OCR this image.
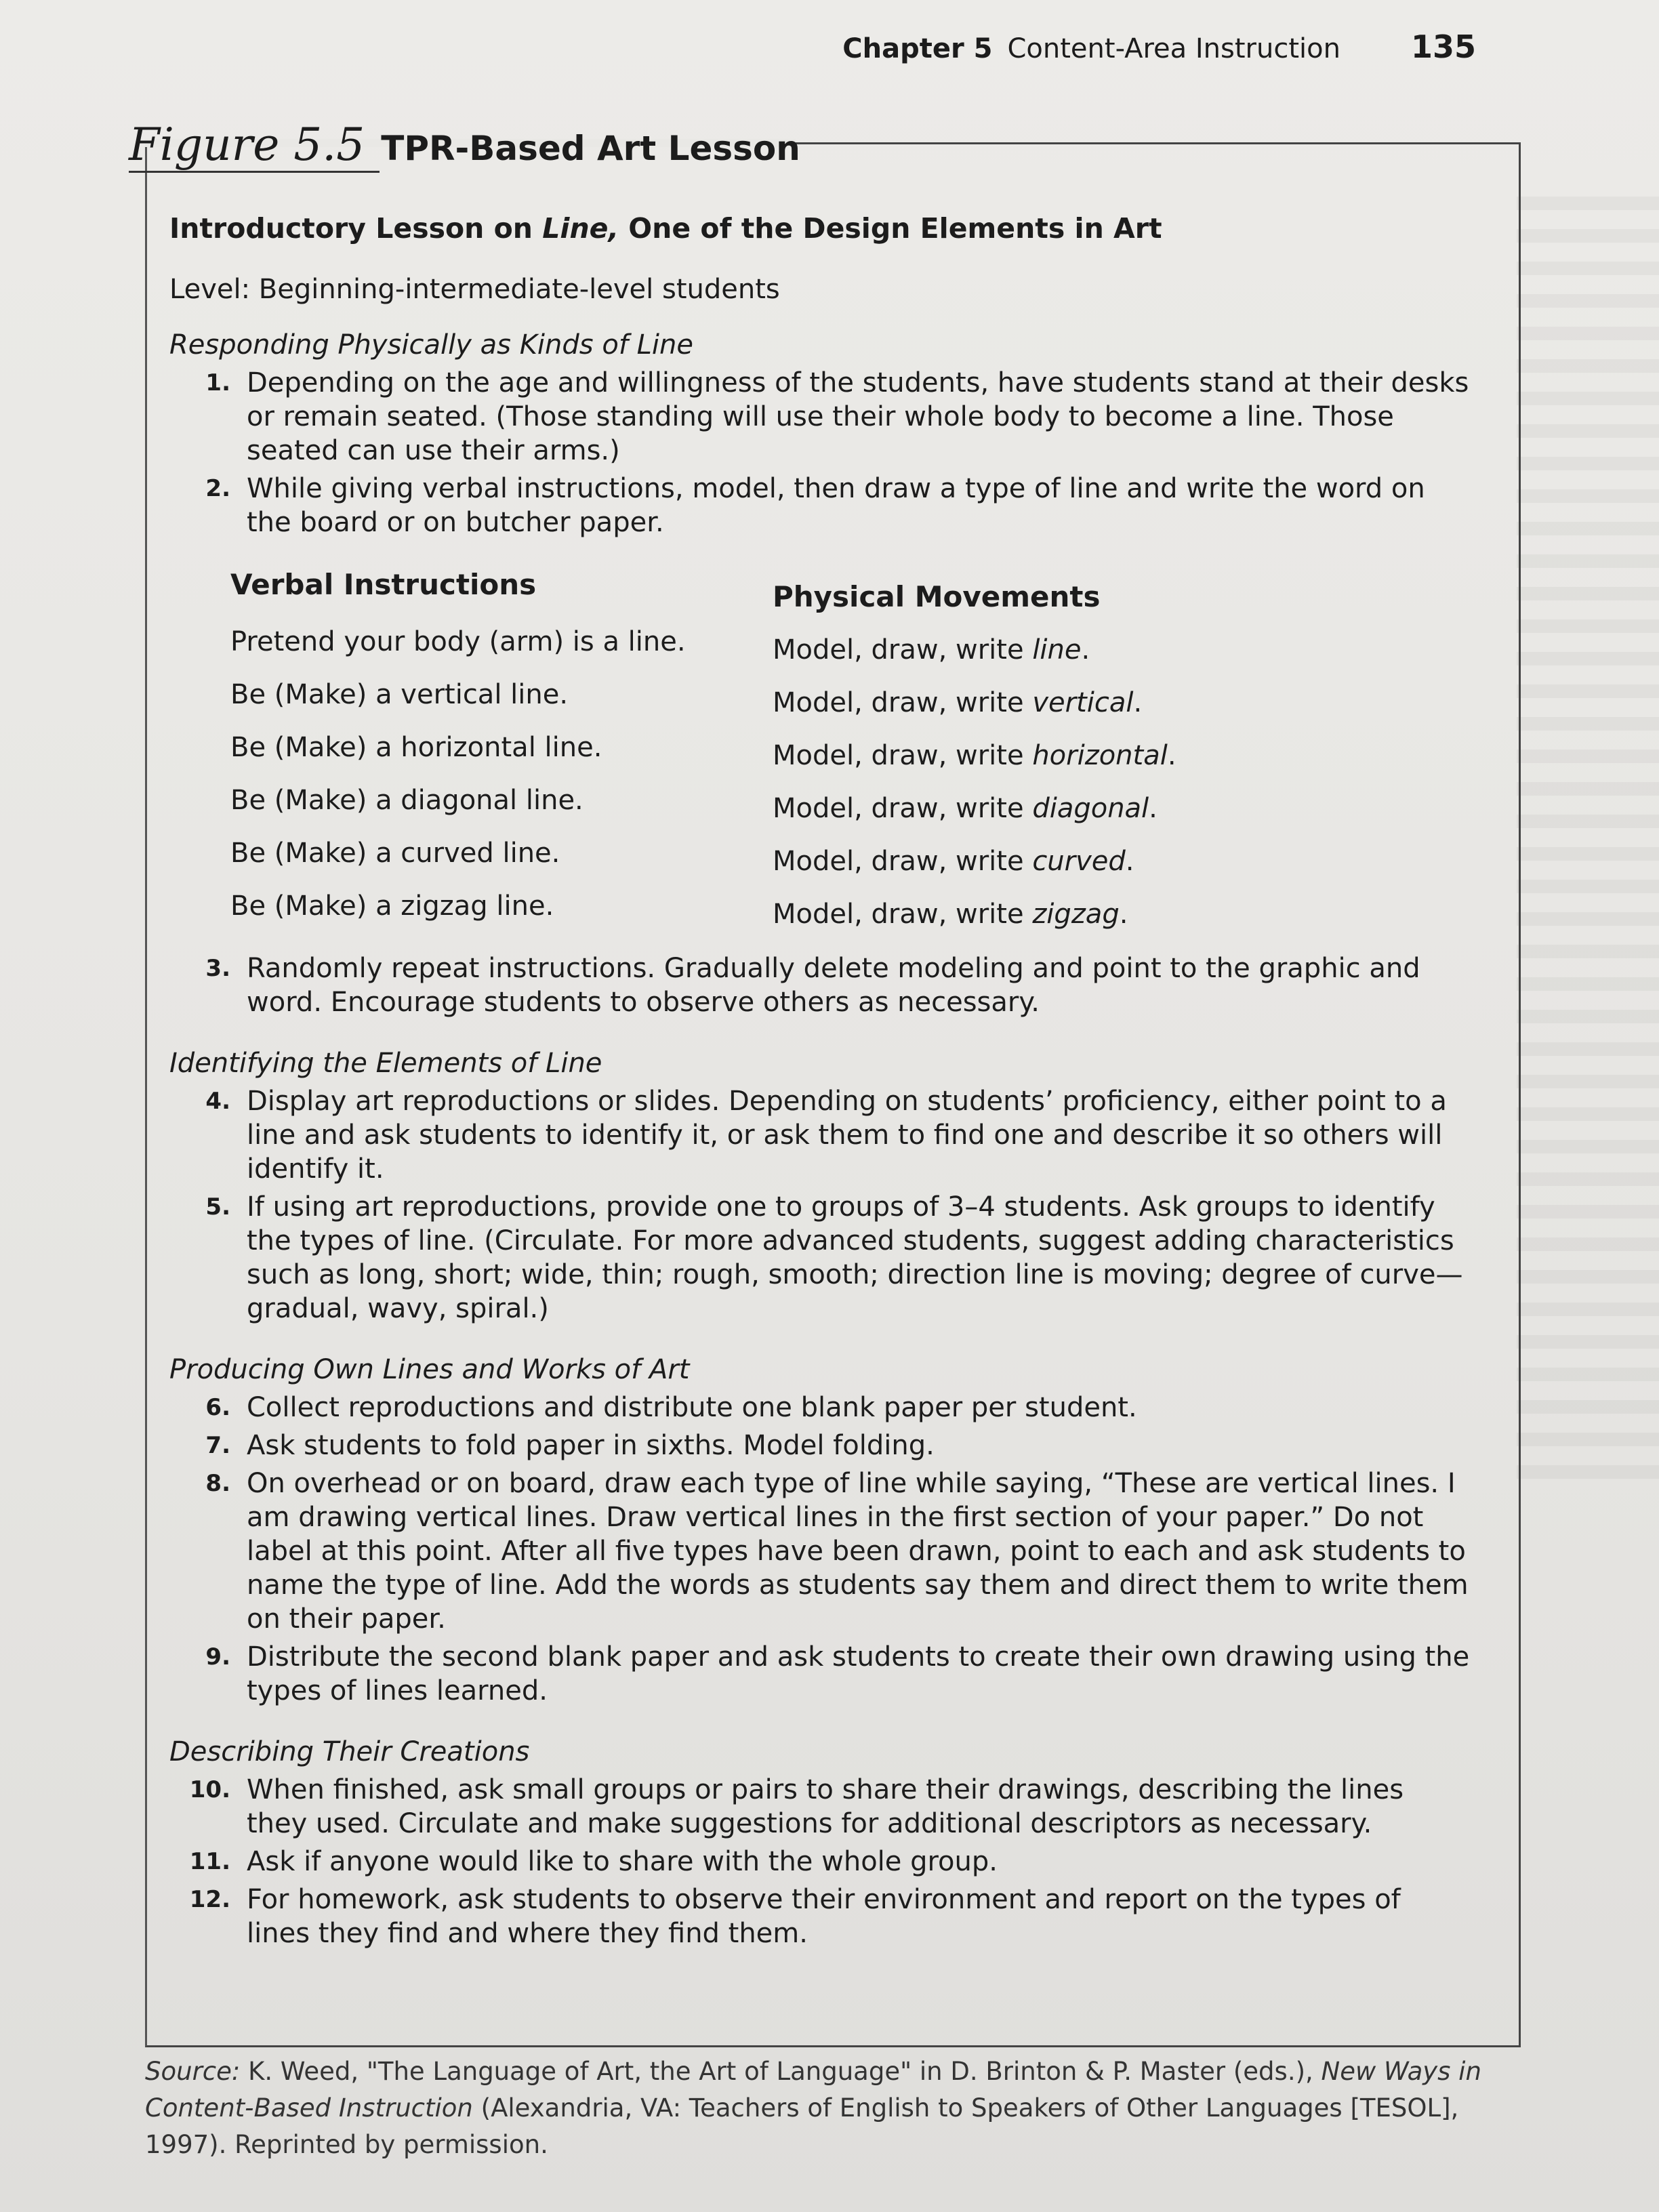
Chapter 5 Content-Area Instruction 135
Figure 5.5 TPR-Based Art Lesson
Introductory Lesson on Line, One of the Design Elements in Art
Level: Beginning-intermediate-level students
Responding Physically as Kinds of Line
1. Depending on the age and willingness of the students, have students stand at their desks or remain seated. (Those standing will use their whole body to become a line. Those seated can use their arms.)
2. While giving verbal instructions, model, then draw a type of line and write the word on the board or on butcher paper.
Verbal Instructions	Physical Movements
Pretend your body (arm) is a line.	Model, draw, write line.
Be (Make) a vertical line.	Model, draw, write vertical.
Be (Make) a horizontal line.	Model, draw, write horizontal.
Be (Make) a diagonal line.	Model, draw, write diagonal.
Be (Make) a curved line.	Model, draw, write curved.
Be (Make) a zigzag line.	Model, draw, write zigzag.
3. Randomly repeat instructions. Gradually delete modeling and point to the graphic and word. Encourage students to observe others as necessary.
Identifying the Elements of Line
4. Display art reproductions or slides. Depending on students’ proficiency, either point to a line and ask students to identify it, or ask them to find one and describe it so others will identify it.
5. If using art reproductions, provide one to groups of 3–4 students. Ask groups to identify the types of line. (Circulate. For more advanced students, suggest adding characteristics such as long, short; wide, thin; rough, smooth; direction line is moving; degree of curve—gradual, wavy, spiral.)
Producing Own Lines and Works of Art
6. Collect reproductions and distribute one blank paper per student.
7. Ask students to fold paper in sixths. Model folding.
8. On overhead or on board, draw each type of line while saying, “These are vertical lines. I am drawing vertical lines. Draw vertical lines in the first section of your paper.” Do not label at this point. After all five types have been drawn, point to each and ask students to name the type of line. Add the words as students say them and direct them to write them on their paper.
9. Distribute the second blank paper and ask students to create their own drawing using the types of lines learned.
Describing Their Creations
10. When finished, ask small groups or pairs to share their drawings, describing the lines they used. Circulate and make suggestions for additional descriptors as necessary.
11. Ask if anyone would like to share with the whole group.
12. For homework, ask students to observe their environment and report on the types of lines they find and where they find them.
Source: K. Weed, "The Language of Art, the Art of Language" in D. Brinton & P. Master (eds.), New Ways in Content-Based Instruction (Alexandria, VA: Teachers of English to Speakers of Other Languages [TESOL], 1997). Reprinted by permission.
